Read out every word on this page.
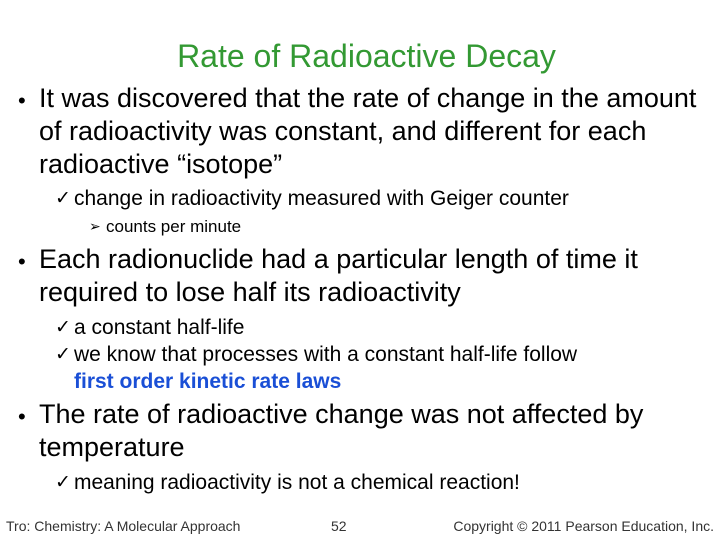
Rate of Radioactive Decay
• It was discovered that the rate of change in the amount of radioactivity was constant, and different for each radioactive “isotope”
✓ change in radioactivity measured with Geiger counter
➢ counts per minute
• Each radionuclide had a particular length of time it required to lose half its radioactivity
✓ a constant half-life
✓ we know that processes with a constant half-life follow
first order kinetic rate laws
• The rate of radioactive change was not affected by temperature
✓ meaning radioactivity is not a chemical reaction!
Tro: Chemistry: A Molecular Approach	52	Copyright © 2011 Pearson Education, Inc.
